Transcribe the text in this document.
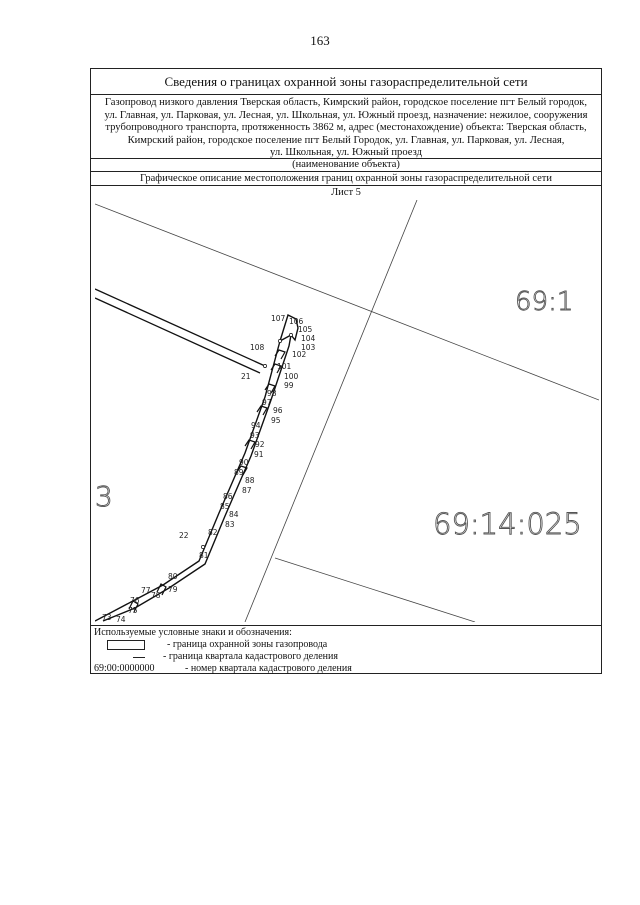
163
Сведения о границах охранной зоны газораспределительной сети
Газопровод низкого давления Тверская область, Кимрский район, городское поселение пгт Белый городок,
ул. Главная, ул. Парковая, ул. Лесная, ул. Школьная, ул. Южный проезд, назначение: нежилое, сооружения
трубопроводного транспорта, протяженность 3862 м, адрес (местонахождение) объекта: Тверская область,
Кимрский район, городское поселение пгт Белый Городок, ул. Главная, ул. Парковая, ул. Лесная,
ул. Школьная, ул. Южный проезд
(наименование объекта)
Графическое описание местоположения границ охранной зоны газораспределительной сети
Лист 5
107 106
105
104
103
102
108
101
21	100
99
98
97
96
95
94
93
92
91
90
89
88
87
86
85
84
83
82
22
81
80
79
77
78
76
75
73 74
69:1
69:14:025
3
Используемые условные знаки и обозначения:
- граница охранной зоны газопровода
- граница квартала кадастрового деления
69:00:0000000	- номер квартала кадастрового деления
